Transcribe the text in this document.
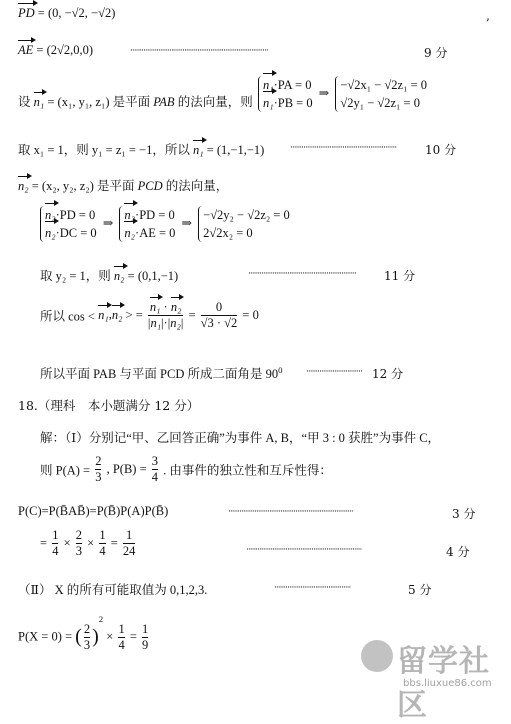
PD = (0, −√2, −√2)	,
AE = (2√2,0,0)	··········································································	9 分
设 n₁ = (x₁, y₁, z₁) 是平面 PAB 的法向量，则
n₁·PA = 0
n₁·PB = 0
⇒
−√2x₁ − √2z₁ = 0
√2y₁ − √2z₁ = 0
取 x₁ = 1，则 y₁ = z₁ = −1，所以 n₁ = (1,−1,−1)	························································· 10 分
n₂ = (x₂, y₂, z₂) 是平面 PCD 的法向量，
n₂·PD = 0
n₂·DC = 0
⇒
n₂·PD = 0
n₂·AE = 0
⇒
−√2y₂ − √2z₂ = 0
2√2x₂ = 0
取 y₂ = 1，则 n₂ = (0,1,−1)	·························································· 11 分
所以 cos < n₁,n₂ > = $\frac{\text{n₁ · n₂}}{\text{|n₁|·|n₂|}} = \frac{0}{√3 \cdot √2} = 0$
所以平面 PAB 与平面 PCD 所成二面角是 $90^0$	······························ 12 分
18.（理科　本小题满分 12 分）
解：（Ⅰ）分别记“甲、乙回答正确”为事件 A, B，“甲 3 : 0 获胜”为事件 C，
则 $P(A) = \frac{2}{3}$ , $P(B) = \frac{3}{4}$ . 由事件的独立性和互斥性得：
P(C)=P(B̄AB̄)=P(B̄)P(A)P(B̄)	···································································	3 分
= $\frac{1}{4} \times \frac{2}{3} \times \frac{1}{4} = \frac{1}{24}$	······························································	4 分
（Ⅱ） X 的所有可能取值为 0,1,2,3.	·········································	5 分
P(X = 0) = ( $\frac{2}{3} )^2 \times \frac{1}{4} = \frac{1}{9}$
留学社区
bbs.liuxue86.com
